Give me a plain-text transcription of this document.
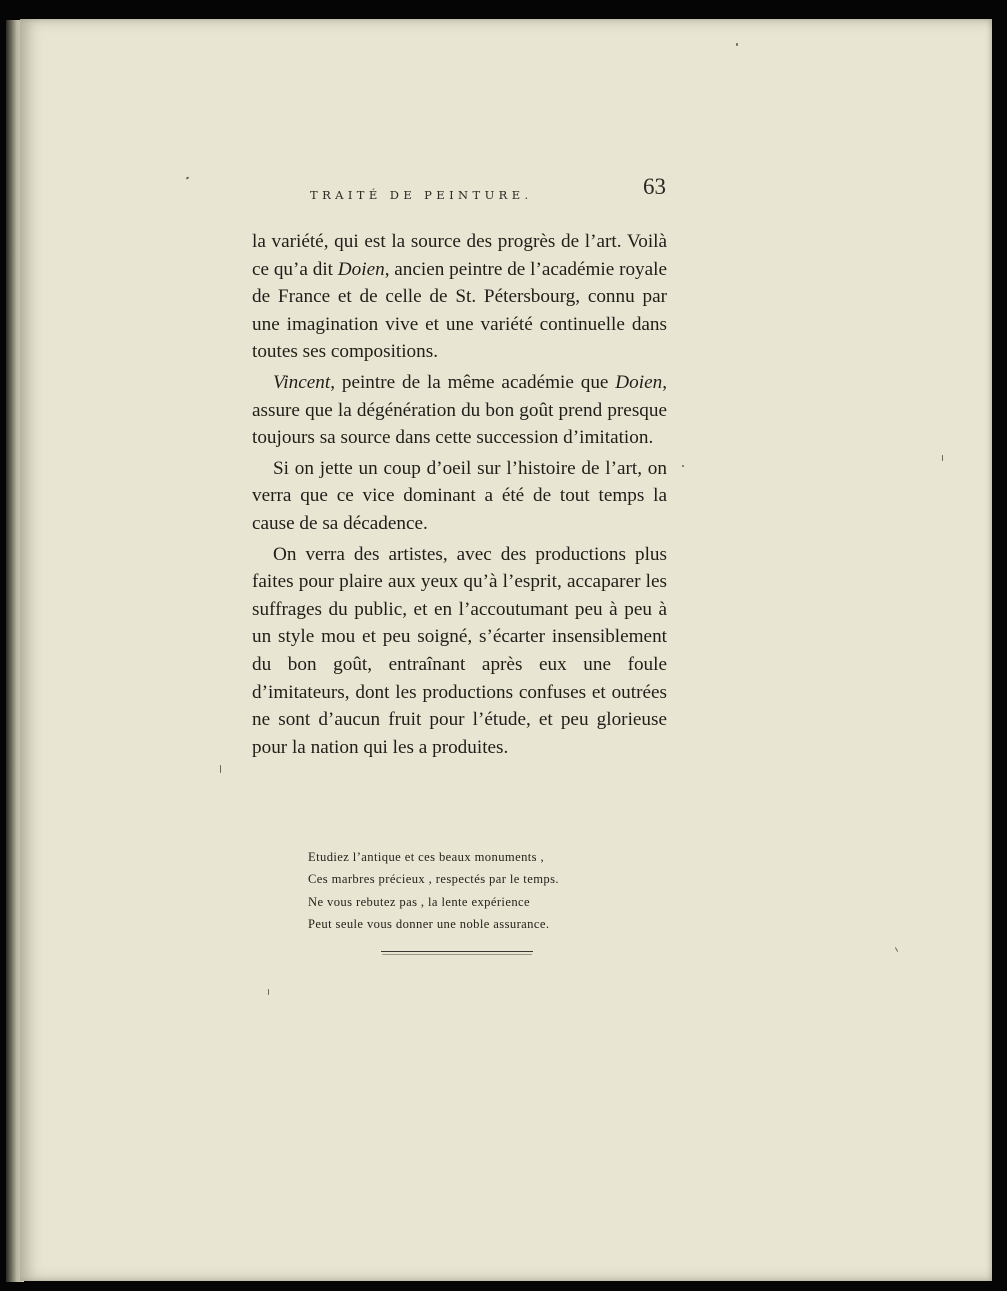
TRAITÉ DE PEINTURE.	63

la variété, qui est la source des progrès de l’art. Voilà ce qu’a dit Doien, ancien peintre de l’académie royale de France et de celle de St. Pétersbourg, connu par une imagination vive et une variété continuelle dans toutes ses compositions.

Vincent, peintre de la même académie que Doien, assure que la dégénération du bon goût prend presque toujours sa source dans cette succession d’imitation.

Si on jette un coup d’oeil sur l’histoire de l’art, on verra que ce vice dominant a été de tout temps la cause de sa décadence.

On verra des artistes, avec des productions plus faites pour plaire aux yeux qu’à l’esprit, accaparer les suffrages du public, et en l’accoutumant peu à peu à un style mou et peu soigné, s’écarter insensiblement du bon goût, entraînant après eux une foule d’imitateurs, dont les productions confuses et outrées ne sont d’aucun fruit pour l’étude, et peu glorieuse pour la nation qui les a produites.

Etudiez l’antique et ces beaux monuments ,
Ces marbres précieux , respectés par le temps.
Ne vous rebutez pas , la lente expérience
Peut seule vous donner une noble assurance.
